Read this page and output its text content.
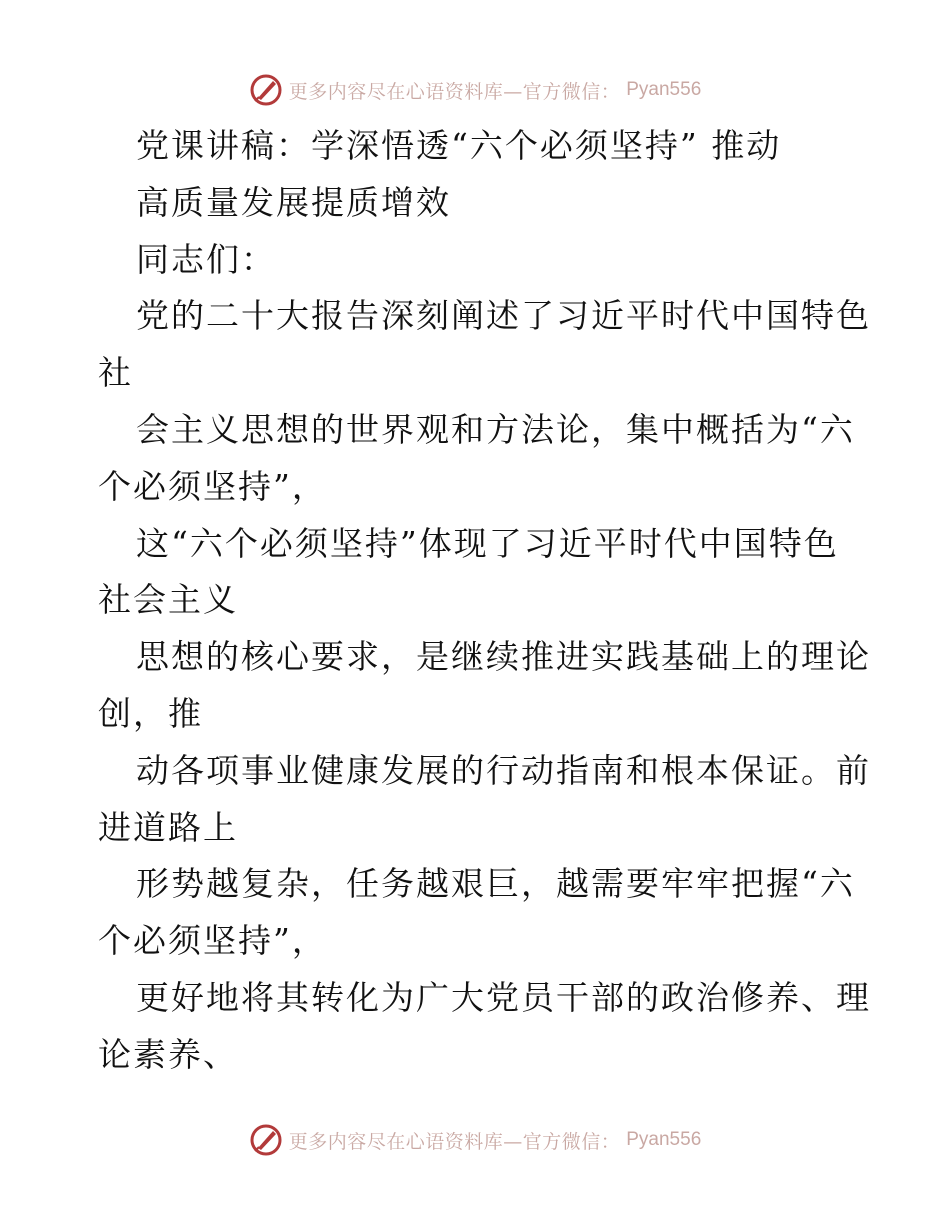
更多内容尽在心语资料库—官方微信： Pyan556
党课讲稿：学深悟透“六个必须坚持” 推动
高质量发展提质增效
同志们：
党的二十大报告深刻阐述了习近平时代中国特色
社
会主义思想的世界观和方法论，集中概括为“六
个必须坚持”，
这“六个必须坚持”体现了习近平时代中国特色
社会主义
思想的核心要求，是继续推进实践基础上的理论
创，推
动各项事业健康发展的行动指南和根本保证。前
进道路上
形势越复杂，任务越艰巨，越需要牢牢把握“六
个必须坚持”，
更好地将其转化为广大党员干部的政治修养、理
论素养、
更多内容尽在心语资料库—官方微信： Pyan556
